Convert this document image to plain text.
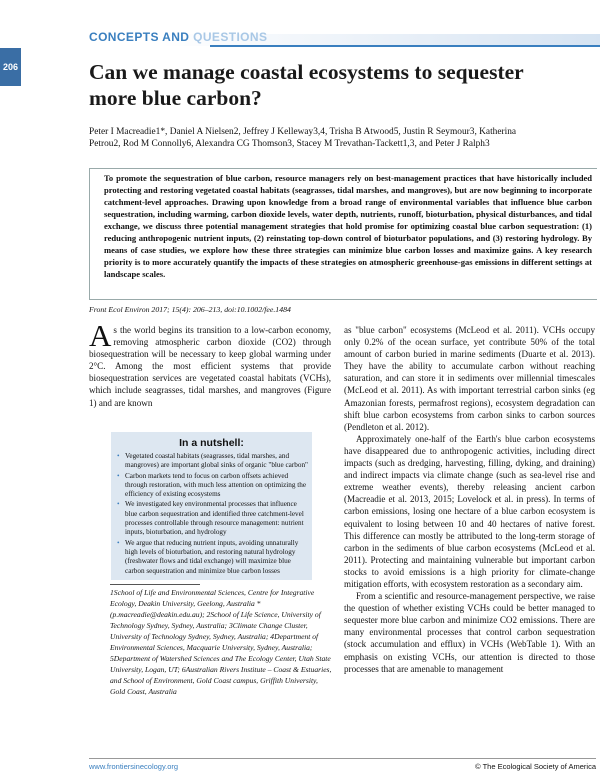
CONCEPTS AND QUESTIONS
206	Can we manage coastal ecosystems to sequester more blue carbon?
Peter I Macreadie1*, Daniel A Nielsen2, Jeffrey J Kelleway3,4, Trisha B Atwood5, Justin R Seymour3, Katherina Petrou2, Rod M Connolly6, Alexandra CG Thomson3, Stacey M Trevathan-Tackett1,3, and Peter J Ralph3
To promote the sequestration of blue carbon, resource managers rely on best-management practices that have historically included protecting and restoring vegetated coastal habitats (seagrasses, tidal marshes, and mangroves), but are now beginning to incorporate catchment-level approaches. Drawing upon knowledge from a broad range of environmental variables that influence blue carbon sequestration, including warming, carbon dioxide levels, water depth, nutrients, runoff, bioturbation, physical disturbances, and tidal exchange, we discuss three potential management strategies that hold promise for optimizing coastal blue carbon sequestration: (1) reducing anthropogenic nutrient inputs, (2) reinstating top-down control of bioturbator populations, and (3) restoring hydrology. By means of case studies, we explore how these three strategies can minimize blue carbon losses and maximize gains. A key research priority is to more accurately quantify the impacts of these strategies on atmospheric greenhouse-gas emissions in different settings at landscape scales.
Front Ecol Environ 2017; 15(4): 206–213, doi:10.1002/fee.1484
As the world begins its transition to a low-carbon economy, removing atmospheric carbon dioxide (CO2) through biosequestration will be necessary to keep global warming under 2°C. Among the most efficient systems that provide biosequestration services are vegetated coastal habitats (VCHs), which include seagrasses, tidal marshes, and mangroves (Figure 1) and are known
In a nutshell:
• Vegetated coastal habitats (seagrasses, tidal marshes, and mangroves) are important global sinks of organic "blue carbon"
• Carbon markets tend to focus on carbon offsets achieved through restoration, with much less attention on optimizing the efficiency of existing ecosystems
• We investigated key environmental processes that influence blue carbon sequestration and identified three catchment-level processes controllable through resource management: nutrient inputs, bioturbation, and hydrology
• We argue that reducing nutrient inputs, avoiding unnaturally high levels of bioturbation, and restoring natural hydrology (freshwater flows and tidal exchange) will maximize blue carbon sequestration and minimize blue carbon losses
1School of Life and Environmental Sciences, Centre for Integrative Ecology, Deakin University, Geelong, Australia *(p.macreadie@deakin.edu.au); 2School of Life Science, University of Technology Sydney, Sydney, Australia; 3Climate Change Cluster, University of Technology Sydney, Sydney, Australia; 4Department of Environmental Sciences, Macquarie University, Sydney, Australia; 5Department of Watershed Sciences and The Ecology Center, Utah State University, Logan, UT; 6Australian Rivers Institute – Coast & Estuaries, and School of Environment, Gold Coast campus, Griffith University, Gold Coast, Australia
as "blue carbon" ecosystems (McLeod et al. 2011). VCHs occupy only 0.2% of the ocean surface, yet contribute 50% of the total amount of carbon buried in marine sediments (Duarte et al. 2013). They have the ability to accumulate carbon without reaching saturation, and can store it in sediments over millennial timescales (McLeod et al. 2011). As with important terrestrial carbon sinks (eg Amazonian forests, permafrost regions), ecosystem degradation can shift blue carbon ecosystems from carbon sinks to carbon sources (Pendleton et al. 2012).
Approximately one-half of the Earth's blue carbon ecosystems have disappeared due to anthropogenic activities, including direct impacts (such as dredging, harvesting, filling, dyking, and draining) and indirect impacts via climate change (such as sea-level rise and extreme weather events), thereby releasing ancient carbon (Macreadie et al. 2013, 2015; Lovelock et al. in press). In terms of carbon emissions, losing one hectare of a blue carbon ecosystem is equivalent to losing between 10 and 40 hectares of native forest. This difference can mostly be attributed to the long-term storage of carbon in the sediments of blue carbon ecosystems (McLeod et al. 2011). Protecting and maintaining vulnerable but important carbon stocks to avoid emissions is a high priority for climate-change mitigation efforts, with ecosystem restoration as a secondary aim.
From a scientific and resource-management perspective, we raise the question of whether existing VCHs could be better managed to sequester more blue carbon and minimize CO2 emissions. There are many environmental processes that control carbon sequestration (stock accumulation and efflux) in VCHs (WebTable 1). With an emphasis on existing VCHs, our attention is directed to those processes that are amenable to management
www.frontiersinecology.org	© The Ecological Society of America
